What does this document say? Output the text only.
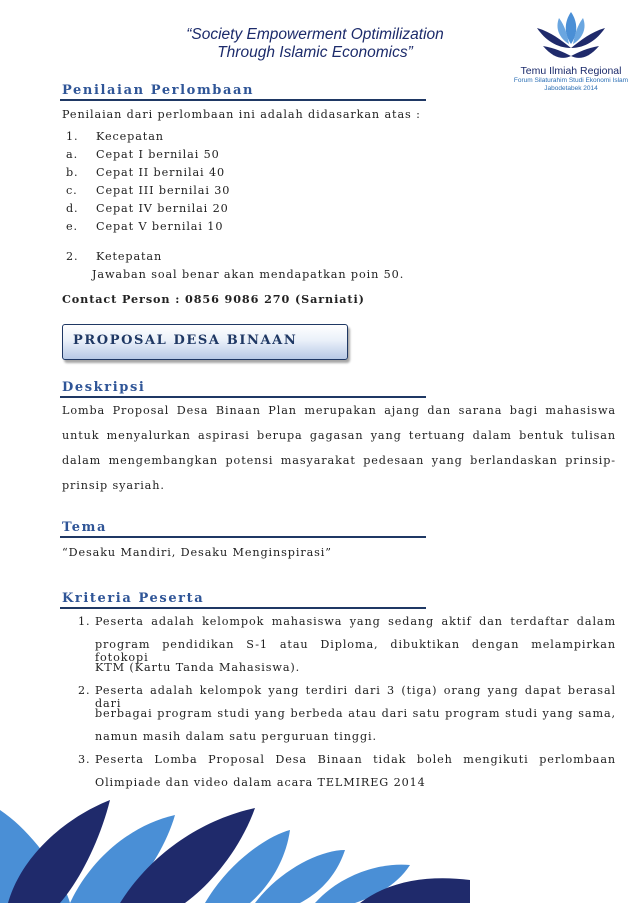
“Society Empowerment Optimilization
Through Islamic Economics”
Temu Ilmiah Regional
Forum Silaturahim Studi Ekonomi Islam
Jabodetabek 2014
Penilaian Perlombaan
Penilaian dari perlombaan ini adalah didasarkan atas :
1. Kecepatan
a. Cepat I bernilai 50
b. Cepat II bernilai 40
c. Cepat III bernilai 30
d. Cepat IV bernilai 20
e. Cepat V bernilai 10
2. Ketepatan
Jawaban soal benar akan mendapatkan poin 50.
Contact Person : 0856 9086 270 (Sarniati)
PROPOSAL DESA BINAAN
Deskripsi
Lomba Proposal Desa Binaan Plan merupakan ajang dan sarana bagi mahasiswa
untuk menyalurkan aspirasi berupa gagasan yang tertuang dalam bentuk tulisan
dalam mengembangkan potensi masyarakat pedesaan yang berlandaskan prinsip-
prinsip syariah.
Tema
“Desaku Mandiri, Desaku Menginspirasi”
Kriteria Peserta
1. Peserta adalah kelompok mahasiswa yang sedang aktif dan terdaftar dalam
program pendidikan S-1 atau Diploma, dibuktikan dengan melampirkan fotokopi
KTM (Kartu Tanda Mahasiswa).
2. Peserta adalah kelompok yang terdiri dari 3 (tiga) orang yang dapat berasal dari
berbagai program studi yang berbeda atau dari satu program studi yang sama,
namun masih dalam satu perguruan tinggi.
3. Peserta Lomba Proposal Desa Binaan tidak boleh mengikuti perlombaan
Olimpiade dan video dalam acara TELMIREG 2014
